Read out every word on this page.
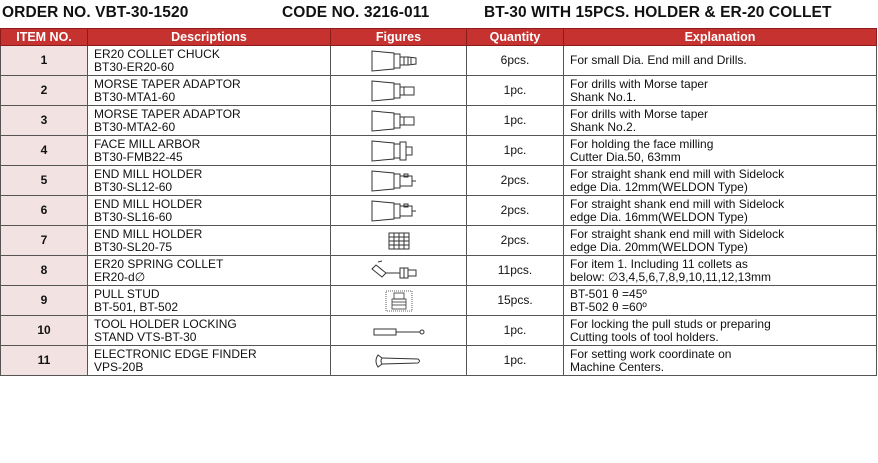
ORDER NO. VBT-30-1520	CODE NO. 3216-011	BT-30 WITH 15PCS. HOLDER & ER-20 COLLET
ITEM NO.	Descriptions	Figures	Quantity	Explanation
1	ER20 COLLET CHUCK
BT30-ER20-60		6pcs.	For small Dia. End mill and Drills.

2	MORSE TAPER ADAPTOR
BT30-MTA1-60		1pc.	For drills with Morse taper
Shank No.1.

3	MORSE TAPER ADAPTOR
BT30-MTA2-60		1pc.	For drills with Morse taper
Shank No.2.

4	FACE MILL ARBOR
BT30-FMB22-45		1pc.	For holding the face milling
Cutter Dia.50, 63mm

5	END MILL HOLDER
BT30-SL12-60		2pcs.	For straight shank end mill with Sidelock
edge Dia. 12mm(WELDON Type)

6	END MILL HOLDER
BT30-SL16-60		2pcs.	For straight shank end mill with Sidelock
edge Dia. 16mm(WELDON Type)

7	END MILL HOLDER
BT30-SL20-75		2pcs.	For straight shank end mill with Sidelock
edge Dia. 20mm(WELDON Type)

8	ER20 SPRING COLLET
ER20-d∅		11pcs.	For item 1. Including 11 collets as
below: ∅3,4,5,6,7,8,9,10,11,12,13mm

9	PULL STUD
BT-501, BT-502		15pcs.	BT-501 θ =45º
BT-502 θ =60º

10	TOOL HOLDER LOCKING
STAND VTS-BT-30		1pc.	For locking the pull studs or preparing
Cutting tools of tool holders.

11	ELECTRONIC EDGE FINDER
VPS-20B		1pc.	For setting work coordinate on
Machine Centers.
